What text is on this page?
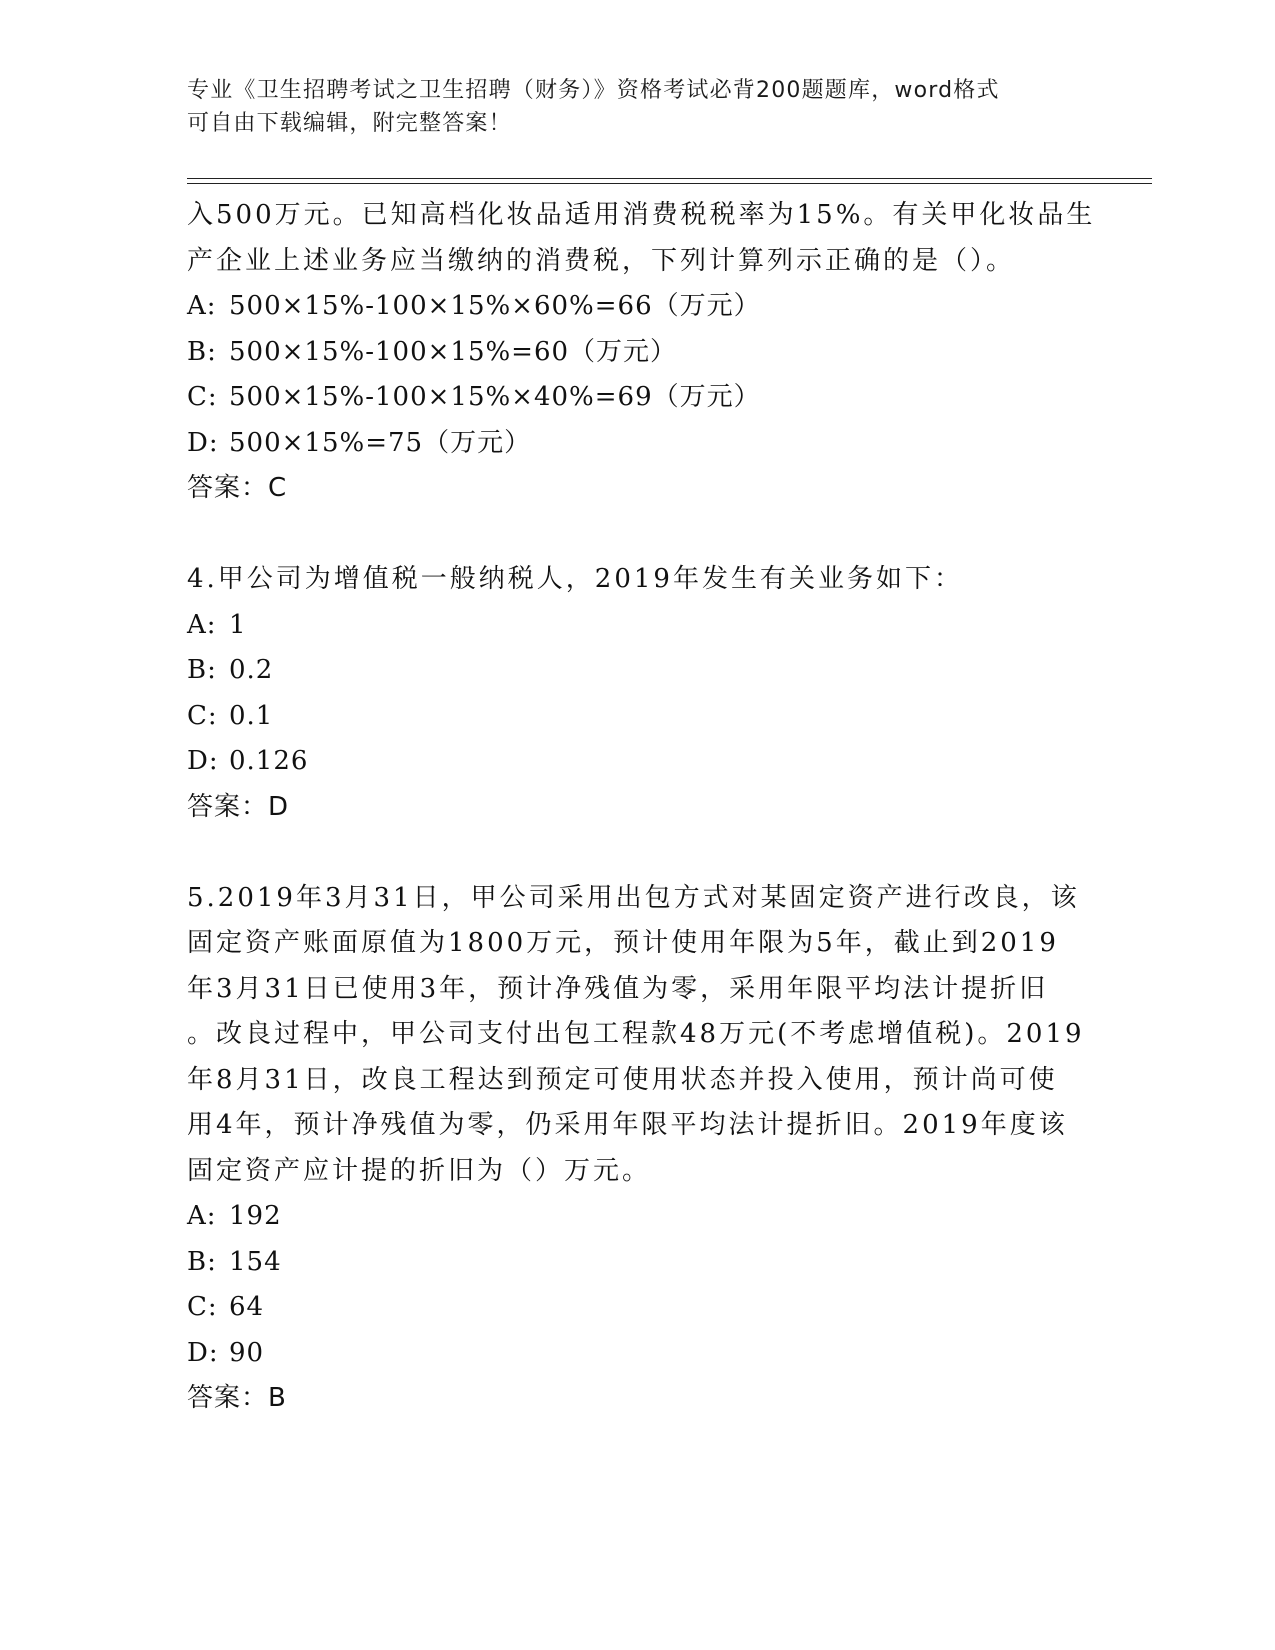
专业《卫生招聘考试之卫生招聘（财务）》资格考试必背200题题库，word格式
可自由下载编辑，附完整答案！

入500万元。已知高档化妆品适用消费税税率为15%。有关甲化妆品生

产企业上述业务应当缴纳的消费税，下列计算列示正确的是（）。

A: 500×15%-100×15%×60%=66（万元）

B: 500×15%-100×15%=60（万元）

C: 500×15%-100×15%×40%=69（万元）

D: 500×15%=75（万元）

答案：C

4.甲公司为增值税一般纳税人，2019年发生有关业务如下：

A: 1

B: 0.2

C: 0.1

D: 0.126

答案：D

5.2019年3月31日，甲公司采用出包方式对某固定资产进行改良，该

固定资产账面原值为1800万元，预计使用年限为5年，截止到2019

年3月31日已使用3年，预计净残值为零，采用年限平均法计提折旧

。改良过程中，甲公司支付出包工程款48万元(不考虑增值税)。2019

年8月31日，改良工程达到预定可使用状态并投入使用，预计尚可使

用4年，预计净残值为零，仍采用年限平均法计提折旧。2019年度该

固定资产应计提的折旧为（）万元。

A: 192

B: 154

C: 64

D: 90

答案：B
